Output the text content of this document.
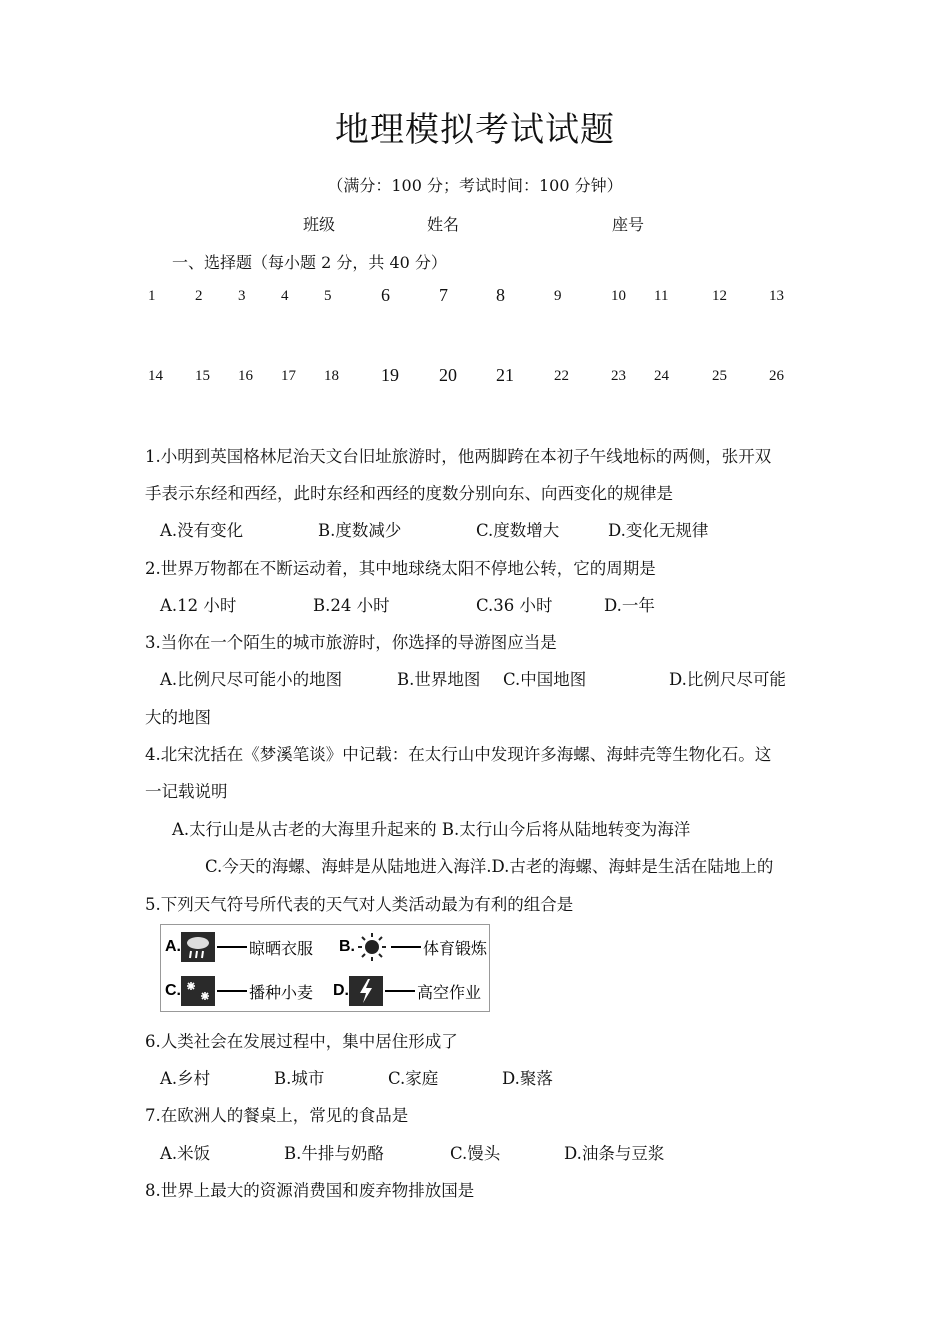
地理模拟考试试题
（满分：100 分；考试时间：100 分钟）
班级	姓名	座号
一、选择题（每小题 2 分，共 40 分）
1	2 3 4 5	6	7	8	9	10 11	12	13
14 15 16 17 18 19 20 21	22	23 24	25	26
1.小明到英国格林尼治天文台旧址旅游时，他两脚跨在本初子午线地标的两侧，张开双
手表示东经和西经，此时东经和西经的度数分别向东、向西变化的规律是
A.没有变化	B.度数减少	C.度数增大	D.变化无规律
2.世界万物都在不断运动着，其中地球绕太阳不停地公转，它的周期是
A.12 小时	B.24 小时	C.36 小时	D.一年
3.当你在一个陌生的城市旅游时，你选择的导游图应当是
A.比例尺尽可能小的地图	B.世界地图 C.中国地图	D.比例尺尽可能
大的地图
4.北宋沈括在《梦溪笔谈》中记载：在太行山中发现许多海螺、海蚌壳等生物化石。这
一记载说明
A.太行山是从古老的大海里升起来的 B.太行山今后将从陆地转变为海洋
C.今天的海螺、海蚌是从陆地进入海洋.D.古老的海螺、海蚌是生活在陆地上的
5.下列天气符号所代表的天气对人类活动最为有利的组合是
A.	晾晒衣服 B.	体育锻炼
C.	播种小麦 D.	高空作业
6.人类社会在发展过程中，集中居住形成了
A.乡村	B.城市	C.家庭	D.聚落
7.在欧洲人的餐桌上，常见的食品是
A.米饭	B.牛排与奶酪	C.馒头	D.油条与豆浆
8.世界上最大的资源消费国和废弃物排放国是
